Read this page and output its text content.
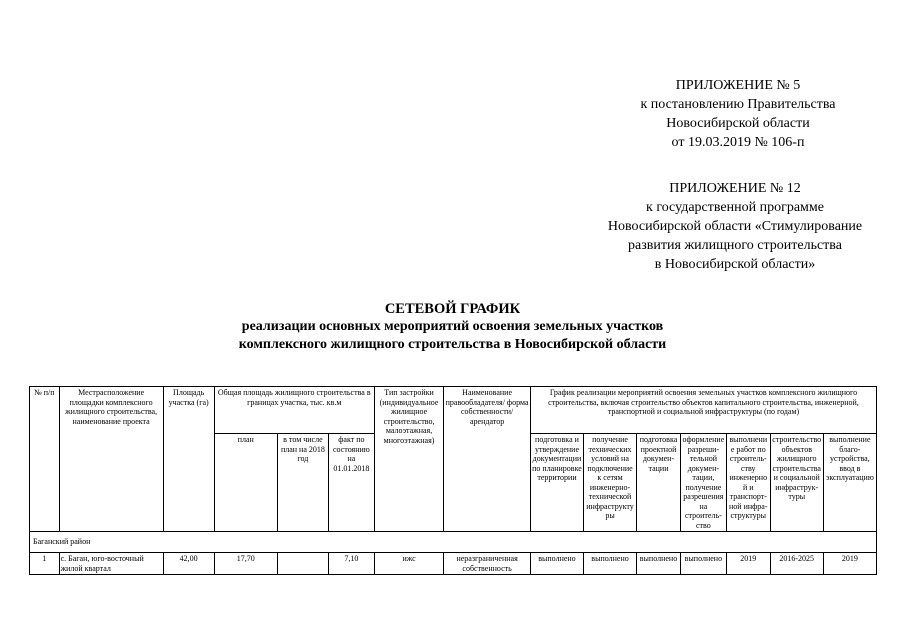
ПРИЛОЖЕНИЕ № 5
к постановлению Правительства
Новосибирской области
от 19.03.2019 № 106-п
ПРИЛОЖЕНИЕ № 12
к государственной программе
Новосибирской области «Стимулирование
развития жилищного строительства
в Новосибирской области»
СЕТЕВОЙ ГРАФИК
реализации основных мероприятий освоения земельных участков
комплексного жилищного строительства в Новосибирской области
№ п/п	Местрасположение площадки комплексного жилищного строительства, наименование проекта	Площадь участка (га)	Общая площадь жилищного строительства в границах участка, тыс. кв.м			Тип застройки (индивидуальное жилищное строительство, малоэтажная, многоэтажная)	Наименование правообладателя/ форма собственности/ арендатор	График реализации мероприятий освоения земельных участков комплексного жилищного строительства, включая строительство объектов капитального строительства, инженерной, транспортной и социальной инфраструктуры (по годам)						
			план	в том числе план на 2018 год	факт по состоянию на 01.01.2018			подготовка и утверждение документации по планировке территории	получение технических условий на подключение к сетям инженерно-технической инфраструктуры	подготовка проектной докумен-тации	оформление разреши-тельной докумен-тации, получение разрешения на строитель-ство	выполнение работ по строитель-ству инженерной и транспорт-ной инфра-структуры	строительство объектов жилищного строительства и социальной инфраструк-туры	выполнение благо-устройства, ввод в эксплуатацию
Баганский район														
1	с. Баган, юго-восточный жилой квартал	42,00	17,70		7,10	ижс	неразграниченная собственность	выполнено	выполнено	выполнено	выполнено	2019	2016-2025	2019
